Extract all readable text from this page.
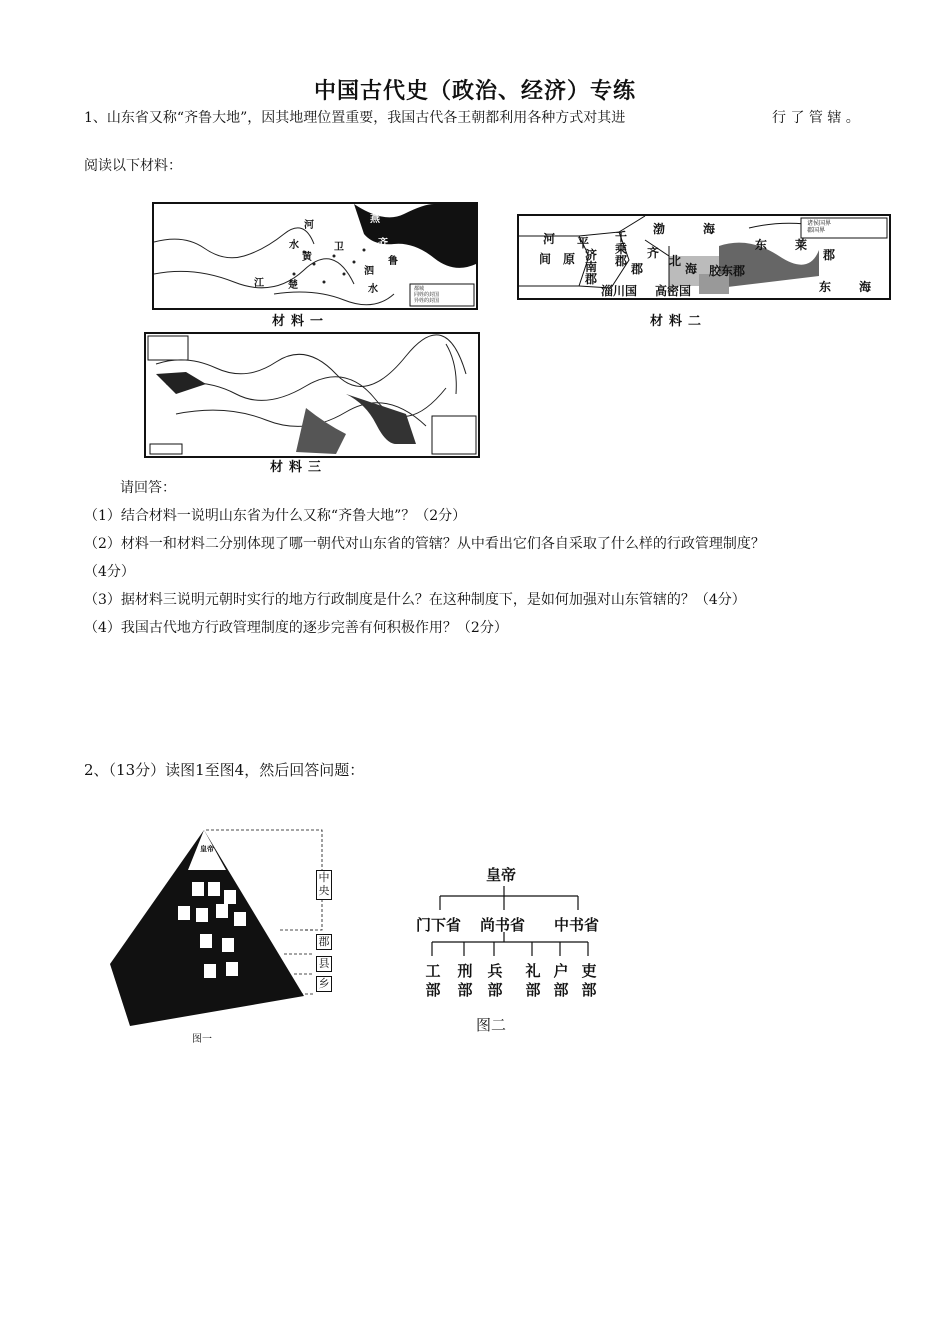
中国古代史（政治、经济）专练
1、山东省又称“齐鲁大地”，因其地理位置重要，我国古代各王朝都利用各种方式对其进	行 了 管 辖 。
阅读以下材料：
河
水	卫	齐
黄	鲁
江 楚
泗
水
燕
都城
同姓的封国
异姓的封国
材料一
河
间
平
原 济
南
郡
千
乘
郡
齐
郡
北
海
渤	海
东 莱
郡
胶东郡
淄川国 高密国	东 海
诸侯国界
郡国界
材料二
材料三
请回答：
（1）结合材料一说明山东省为什么又称“齐鲁大地”？（2分）
（2）材料一和材料二分别体现了哪一朝代对山东省的管辖？从中看出它们各自采取了什么样的行政管理制度？
（4分）
（3）据材料三说明元朝时实行的地方行政制度是什么？在这种制度下，是如何加强对山东管辖的？（4分）
（4）我国古代地方行政管理制度的逐步完善有何积极作用？（2分）
2、（13分）读图1至图4，然后回答问题：
皇帝
中央
郡
县
乡
图一
皇帝
门下省 尚书省 中书省
工
部
刑
部
兵
部
礼
部
户
部
吏
部
图二
